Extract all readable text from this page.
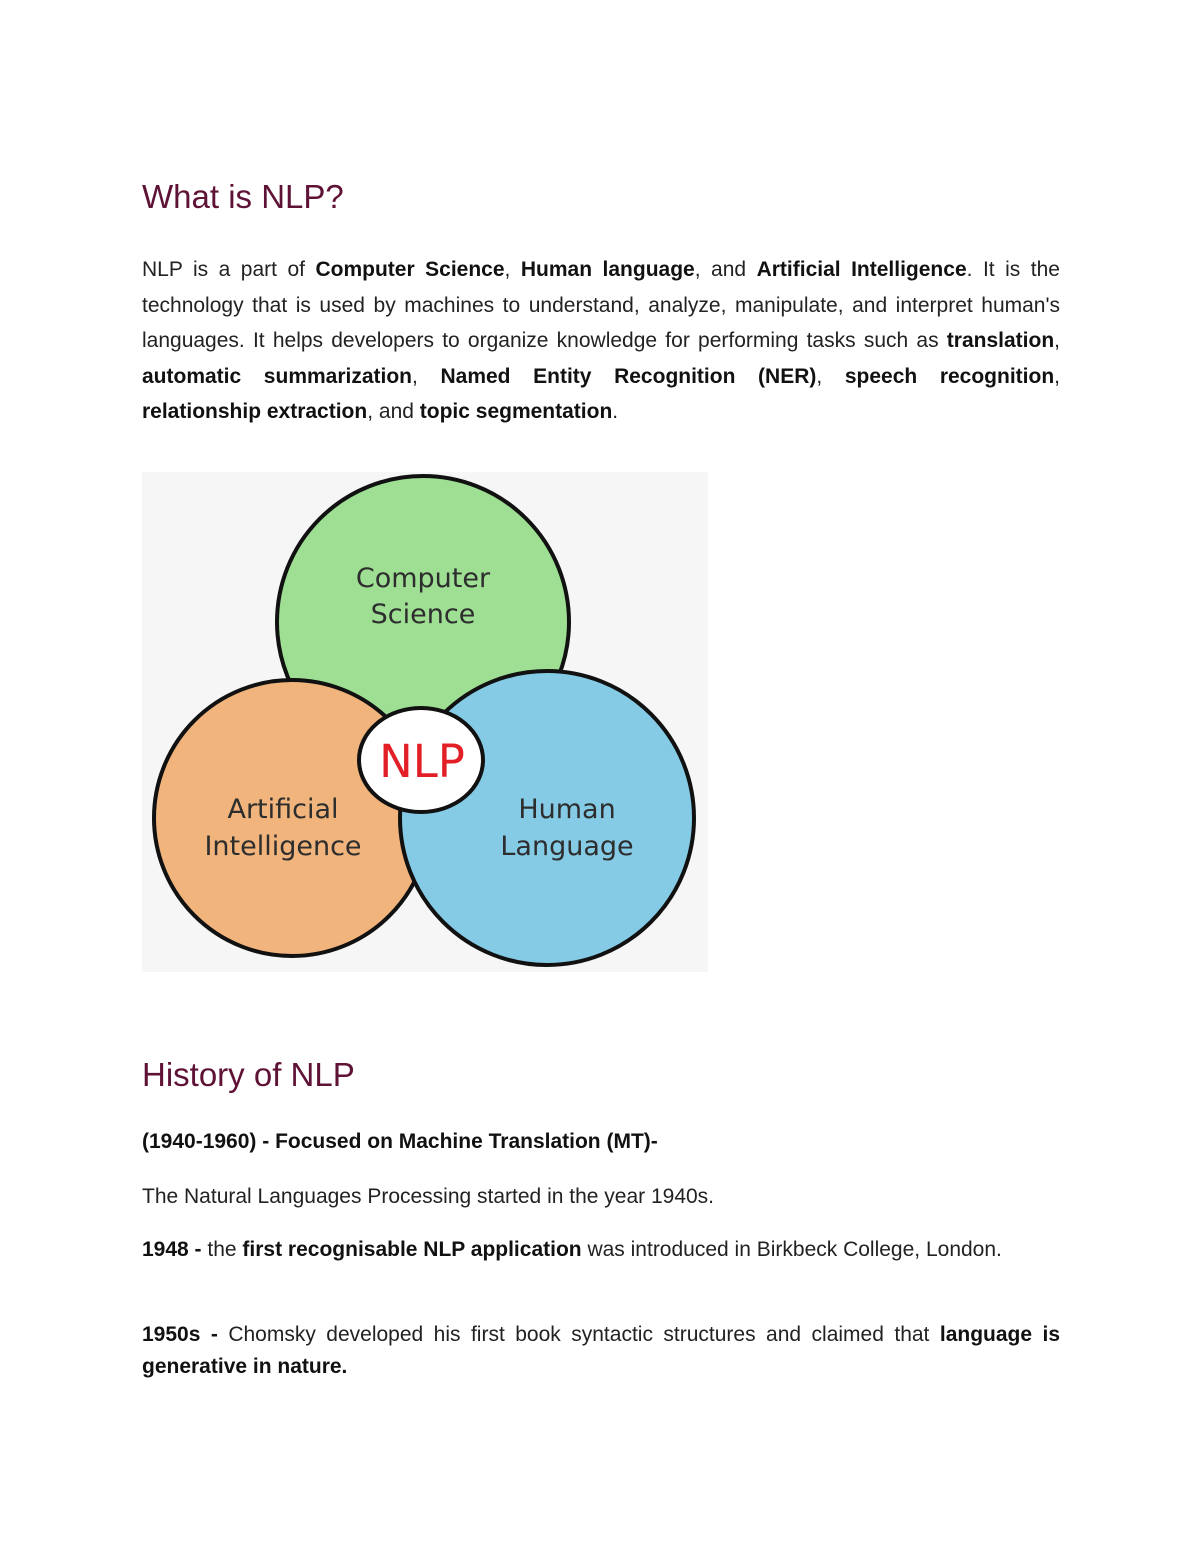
What is NLP?

NLP is a part of Computer Science, Human language, and Artificial Intelligence. It is the technology that is used by machines to understand, analyze, manipulate, and interpret human's languages. It helps developers to organize knowledge for performing tasks such as translation, automatic summarization, Named Entity Recognition (NER), speech recognition, relationship extraction, and topic segmentation.

History of NLP

(1940-1960) - Focused on Machine Translation (MT)-

The Natural Languages Processing started in the year 1940s.

1948 - the first recognisable NLP application was introduced in Birkbeck College, London.

1950s - Chomsky developed his first book syntactic structures and claimed that language is generative in nature.

Computer
Science
Artificial
Intelligence
Human
Language
NLP
